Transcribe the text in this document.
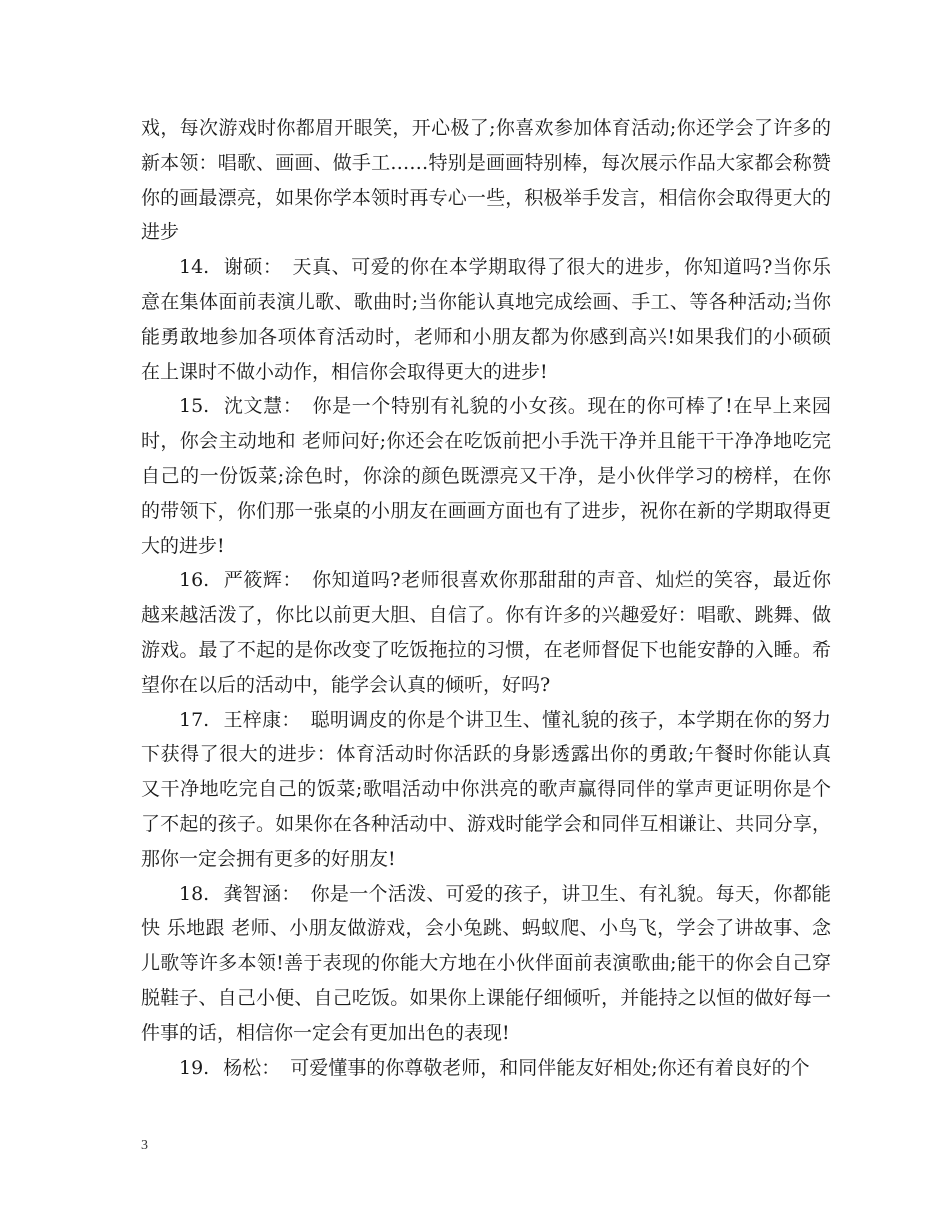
戏，每次游戏时你都眉开眼笑，开心极了;你喜欢参加体育活动;你还学会了许多的新本领：唱歌、画画、做手工……特别是画画特别棒，每次展示作品大家都会称赞你的画最漂亮，如果你学本领时再专心一些，积极举手发言，相信你会取得更大的进步

14. 谢硕： 天真、可爱的你在本学期取得了很大的进步，你知道吗?当你乐意在集体面前表演儿歌、歌曲时;当你能认真地完成绘画、手工、等各种活动;当你能勇敢地参加各项体育活动时，老师和小朋友都为你感到高兴!如果我们的小硕硕在上课时不做小动作，相信你会取得更大的进步!

15. 沈文慧： 你是一个特别有礼貌的小女孩。现在的你可棒了!在早上来园时，你会主动地和 老师问好;你还会在吃饭前把小手洗干净并且能干干净净地吃完自己的一份饭菜;涂色时，你涂的颜色既漂亮又干净，是小伙伴学习的榜样，在你的带领下，你们那一张桌的小朋友在画画方面也有了进步，祝你在新的学期取得更大的进步!

16. 严筱辉： 你知道吗?老师很喜欢你那甜甜的声音、灿烂的笑容，最近你越来越活泼了，你比以前更大胆、自信了。你有许多的兴趣爱好：唱歌、跳舞、做游戏。最了不起的是你改变了吃饭拖拉的习惯，在老师督促下也能安静的入睡。希望你在以后的活动中，能学会认真的倾听，好吗?

17. 王梓康： 聪明调皮的你是个讲卫生、懂礼貌的孩子，本学期在你的努力下获得了很大的进步：体育活动时你活跃的身影透露出你的勇敢;午餐时你能认真又干净地吃完自己的饭菜;歌唱活动中你洪亮的歌声赢得同伴的掌声更证明你是个了不起的孩子。如果你在各种活动中、游戏时能学会和同伴互相谦让、共同分享，那你一定会拥有更多的好朋友!

18. 龚智涵： 你是一个活泼、可爱的孩子，讲卫生、有礼貌。每天，你都能快 乐地跟 老师、小朋友做游戏，会小兔跳、蚂蚁爬、小鸟飞，学会了讲故事、念儿歌等许多本领!善于表现的你能大方地在小伙伴面前表演歌曲;能干的你会自己穿脱鞋子、自己小便、自己吃饭。如果你上课能仔细倾听，并能持之以恒的做好每一件事的话，相信你一定会有更加出色的表现!

19. 杨松： 可爱懂事的你尊敬老师，和同伴能友好相处;你还有着良好的个

3
